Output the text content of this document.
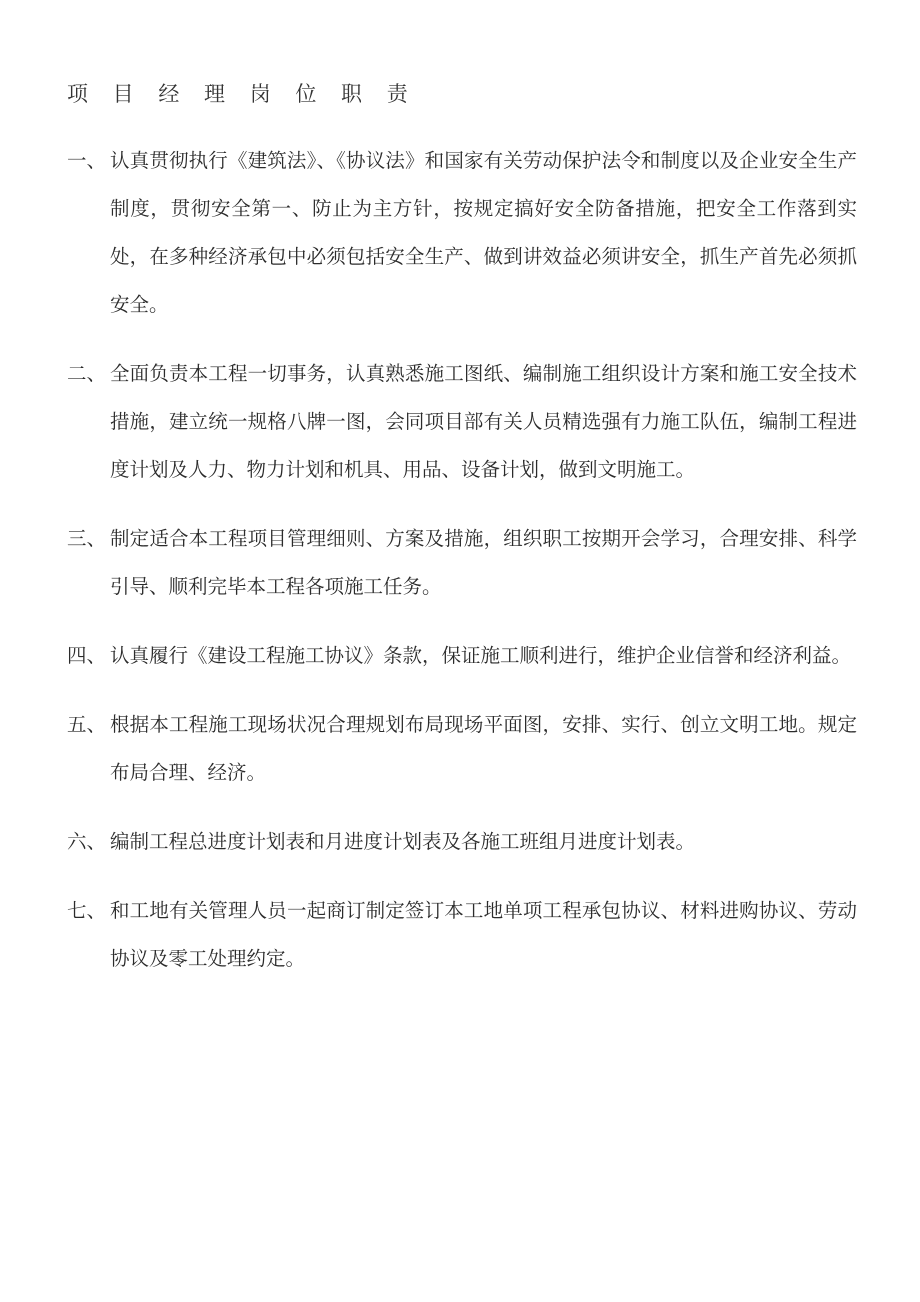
项 目 经 理 岗 位 职 责
一、 认真贯彻执行《建筑法》、《协议法》和国家有关劳动保护法令和制度以及企业安全生产制度，贯彻安全第一、防止为主方针，按规定搞好安全防备措施，把安全工作落到实处，在多种经济承包中必须包括安全生产、做到讲效益必须讲安全，抓生产首先必须抓安全。
二、 全面负责本工程一切事务，认真熟悉施工图纸、编制施工组织设计方案和施工安全技术措施，建立统一规格八牌一图，会同项目部有关人员精选强有力施工队伍，编制工程进度计划及人力、物力计划和机具、用品、设备计划，做到文明施工。
三、 制定适合本工程项目管理细则、方案及措施，组织职工按期开会学习，合理安排、科学引导、顺利完毕本工程各项施工任务。
四、 认真履行《建设工程施工协议》条款，保证施工顺利进行，维护企业信誉和经济利益。
五、 根据本工程施工现场状况合理规划布局现场平面图，安排、实行、创立文明工地。规定布局合理、经济。
六、 编制工程总进度计划表和月进度计划表及各施工班组月进度计划表。
七、 和工地有关管理人员一起商订制定签订本工地单项工程承包协议、材料进购协议、劳动协议及零工处理约定。
